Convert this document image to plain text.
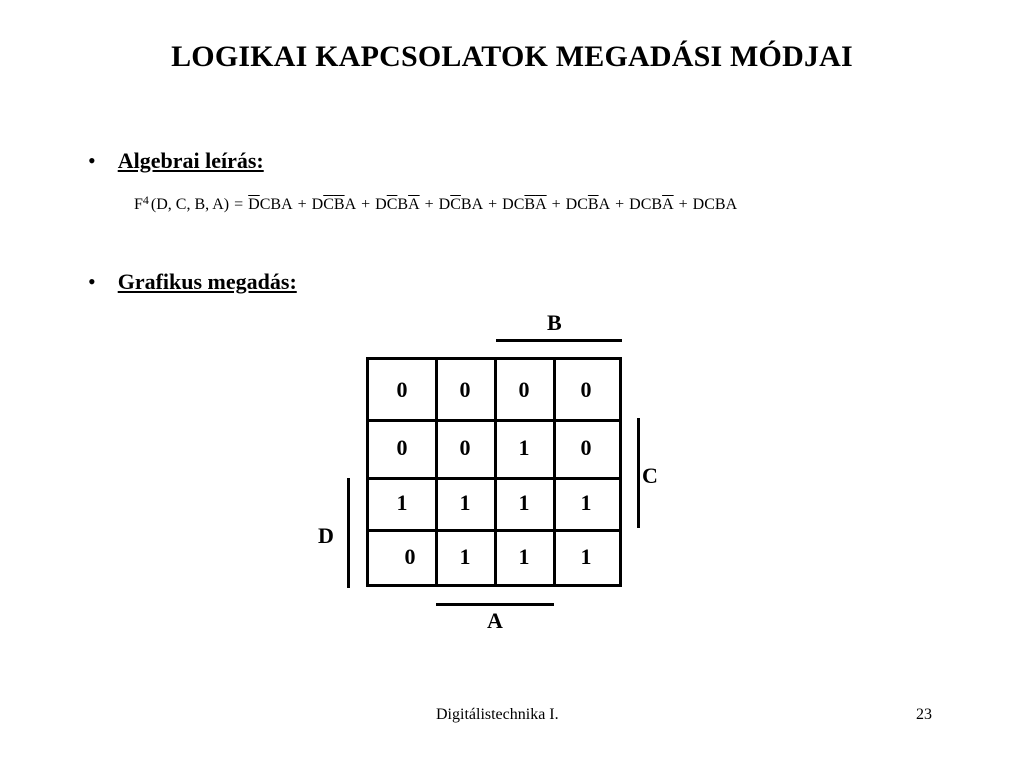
LOGIKAI KAPCSOLATOK MEGADÁSI MÓDJAI
• Algebrai leírás:
$F^4$ (D, C, B, $A) = \overline{D}CBA + D\overline{C}\overline{B}A + D\overline{C}B\overline{A} + D\overline{C}BA + DC\overline{B}\overline{A} + DC\overline{B}A + DCB\overline{A}$ + DCBA
• Grafikus megadás:
B
C
D
A
0	0	0	0
0	0	1	0
1	1	1	1
0	1	1	1
Digitálistechnika I.	23
